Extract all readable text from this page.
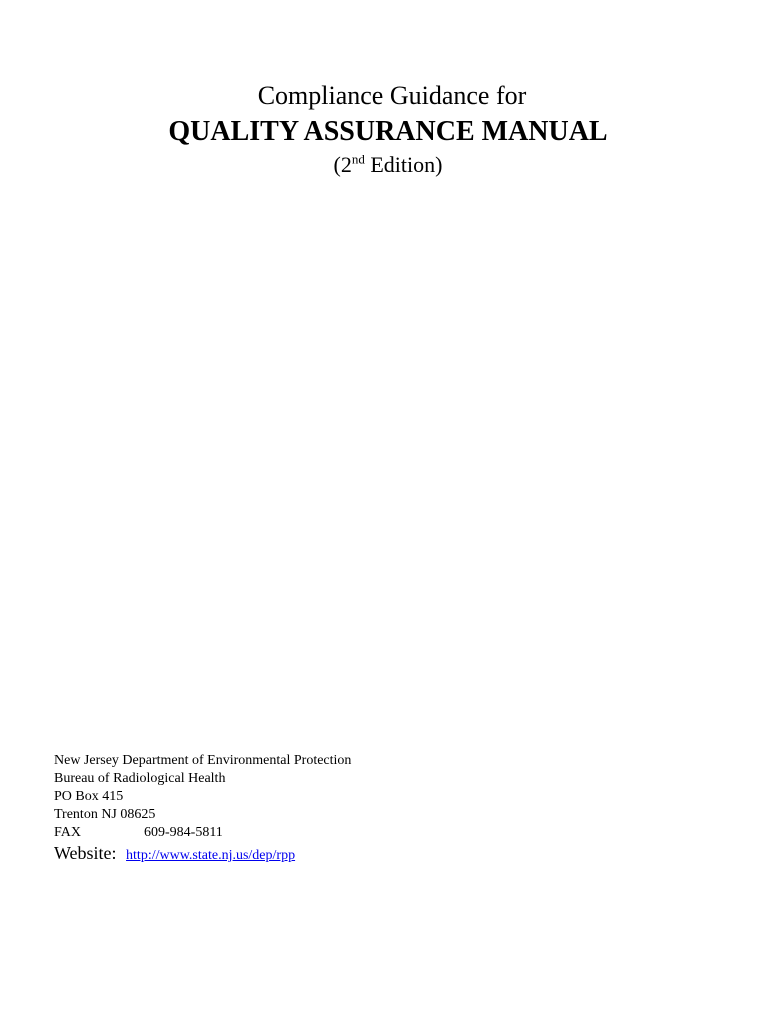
Compliance Guidance for
QUALITY ASSURANCE MANUAL
(2nd Edition)
New Jersey Department of Environmental Protection
Bureau of Radiological Health
PO Box 415
Trenton NJ 08625
FAX	609-984-5811
Website: http://www.state.nj.us/dep/rpp
